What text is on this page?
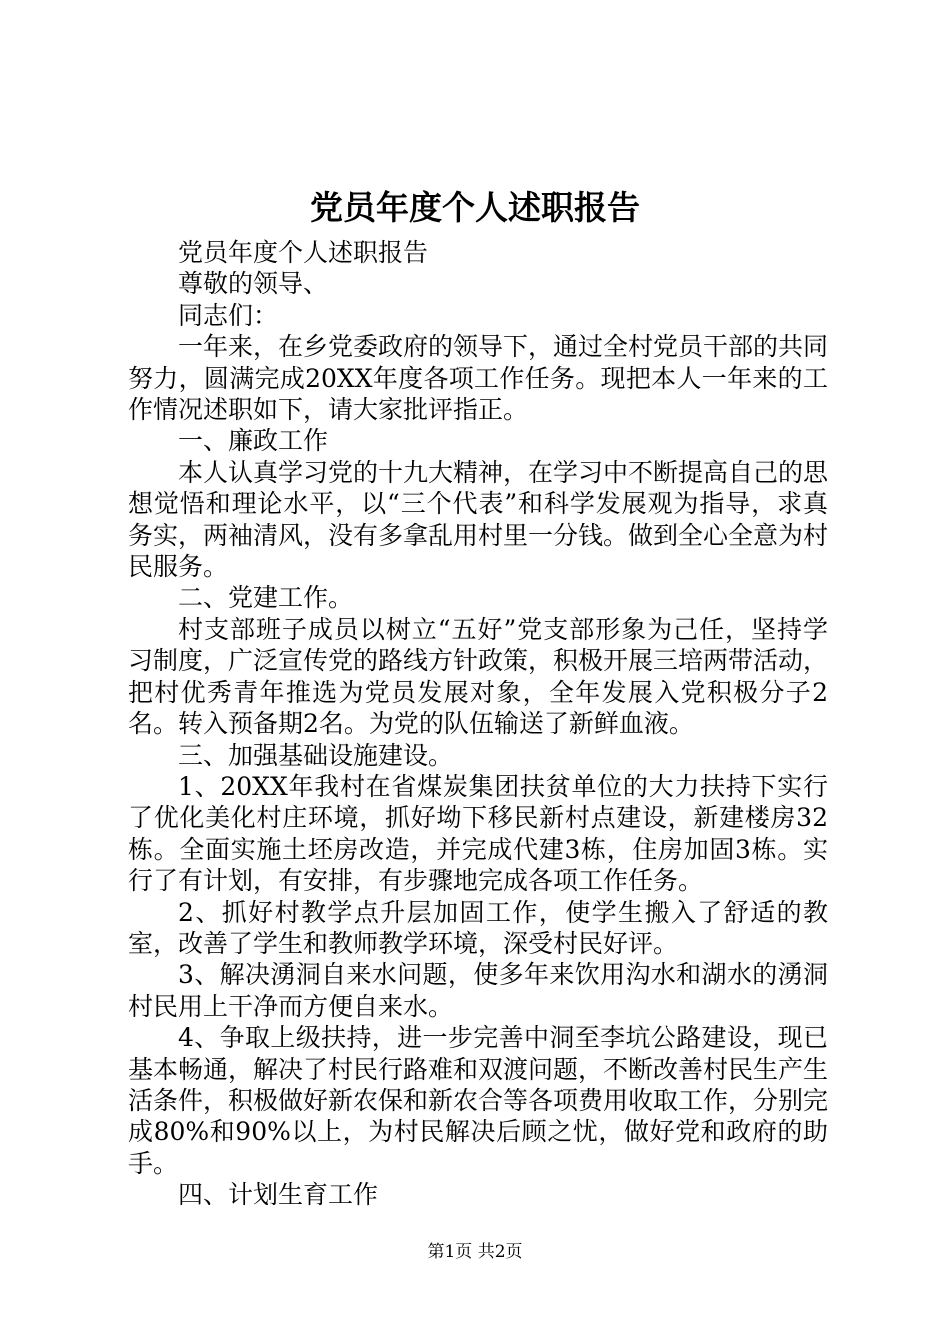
党员年度个人述职报告

党员年度个人述职报告

尊敬的领导、

同志们：

一年来，在乡党委政府的领导下，通过全村党员干部的共同努力，圆满完成20XX年度各项工作任务。现把本人一年来的工作情况述职如下，请大家批评指正。

一、廉政工作

本人认真学习党的十九大精神，在学习中不断提高自己的思想觉悟和理论水平，以“三个代表”和科学发展观为指导，求真务实，两袖清风，没有多拿乱用村里一分钱。做到全心全意为村民服务。

二、党建工作。

村支部班子成员以树立“五好”党支部形象为己任，坚持学习制度，广泛宣传党的路线方针政策，积极开展三培两带活动，把村优秀青年推选为党员发展对象，全年发展入党积极分子2名。转入预备期2名。为党的队伍输送了新鲜血液。

三、加强基础设施建设。

1、20XX年我村在省煤炭集团扶贫单位的大力扶持下实行了优化美化村庄环境，抓好坳下移民新村点建设，新建楼房32栋。全面实施土坯房改造，并完成代建3栋，住房加固3栋。实行了有计划，有安排，有步骤地完成各项工作任务。

2、抓好村教学点升层加固工作，使学生搬入了舒适的教室，改善了学生和教师教学环境，深受村民好评。

3、解决湧洞自来水问题，使多年来饮用沟水和湖水的湧洞村民用上干净而方便自来水。

4、争取上级扶持，进一步完善中洞至李坑公路建设，现已基本畅通，解决了村民行路难和双渡问题，不断改善村民生产生活条件，积极做好新农保和新农合等各项费用收取工作，分别完成80%和90%以上，为村民解决后顾之忧，做好党和政府的助手。

四、计划生育工作

第1页 共2页
